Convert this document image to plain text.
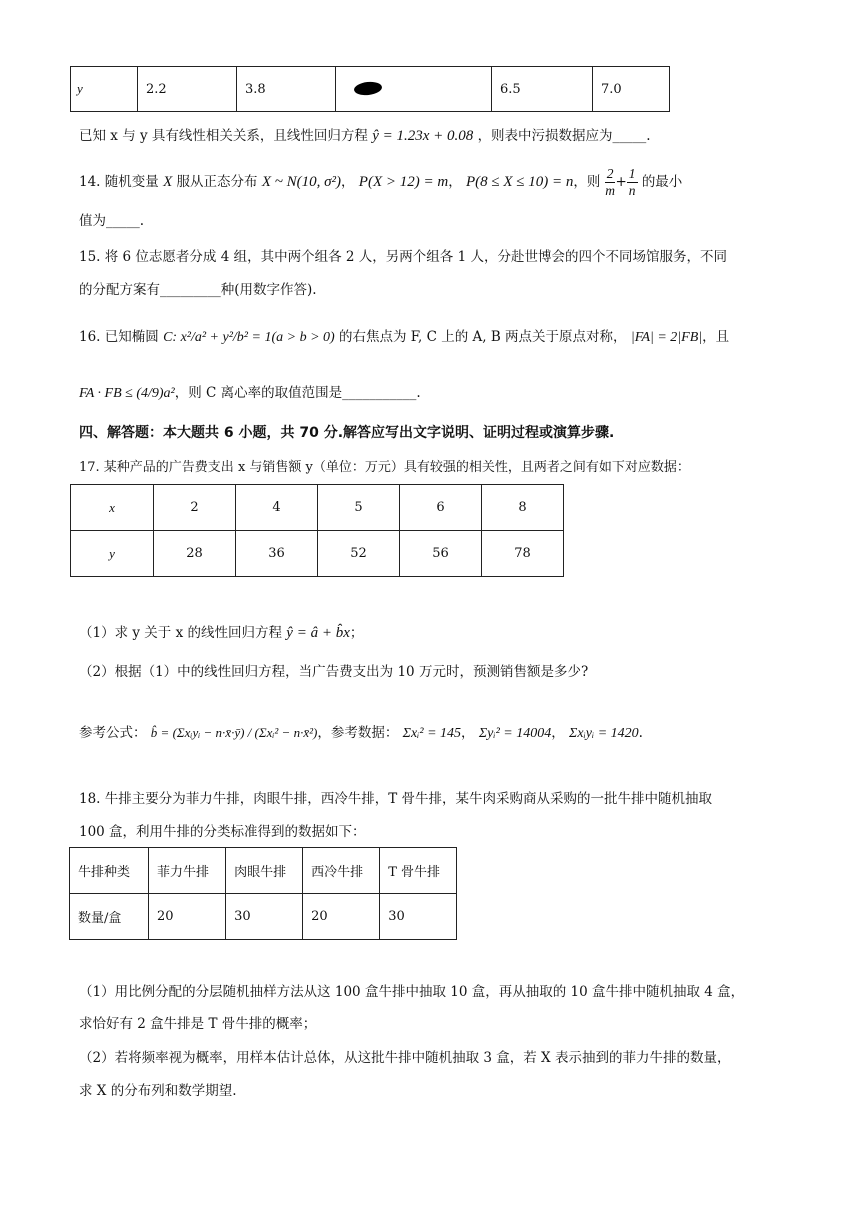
y	2.2	3.8		6.5	7.0
已知 x 与 y 具有线性相关关系，且线性回归方程 ŷ = 1.23x + 0.08 ，则表中污损数据应为_____.
14. 随机变量 X 服从正态分布 X ~ N(10, σ²)， P(X > 12) = m， P(8 ≤ X ≤ 10) = n，则 $\frac{2}{m} + \frac{1}{n}$ 的最小
值为_____.
15. 将 6 位志愿者分成 4 组，其中两个组各 2 人，另两个组各 1 人，分赴世博会的四个不同场馆服务，不同
的分配方案有_________种(用数字作答).
16. 已知椭圆 C: x²/a² + y²/b² = 1(a > b > 0) 的右焦点为 F, C 上的 A, B 两点关于原点对称， |FA| = 2|FB|，且
FA · FB ≤ (4/9)a²，则 C 离心率的取值范围是___________.
四、解答题：本大题共 6 小题，共 70 分.解答应写出文字说明、证明过程或演算步骤.
17. 某种产品的广告费支出 x 与销售额 y（单位：万元）具有较强的相关性，且两者之间有如下对应数据：
x	2	4	5	6	8
y	28	36	52	56	78
（1）求 y 关于 x 的线性回归方程 ŷ = â + b̂x；
（2）根据（1）中的线性回归方程，当广告费支出为 10 万元时，预测销售额是多少?
参考公式： b̂ = (Σxᵢyᵢ − n·x̄·ȳ) / (Σxᵢ² − n·x̄²)，参考数据： Σxᵢ² = 145， Σyᵢ² = 14004， Σxᵢyᵢ = 1420.
18. 牛排主要分为菲力牛排，肉眼牛排，西冷牛排，T 骨牛排，某牛肉采购商从采购的一批牛排中随机抽取
100 盒，利用牛排的分类标准得到的数据如下：
牛排种类	菲力牛排	肉眼牛排	西冷牛排	T 骨牛排
数量/盒	20	30	20	30
（1）用比例分配的分层随机抽样方法从这 100 盒牛排中抽取 10 盒，再从抽取的 10 盒牛排中随机抽取 4 盒，
求恰好有 2 盒牛排是 T 骨牛排的概率；
（2）若将频率视为概率，用样本估计总体，从这批牛排中随机抽取 3 盒，若 X 表示抽到的菲力牛排的数量，
求 X 的分布列和数学期望.
